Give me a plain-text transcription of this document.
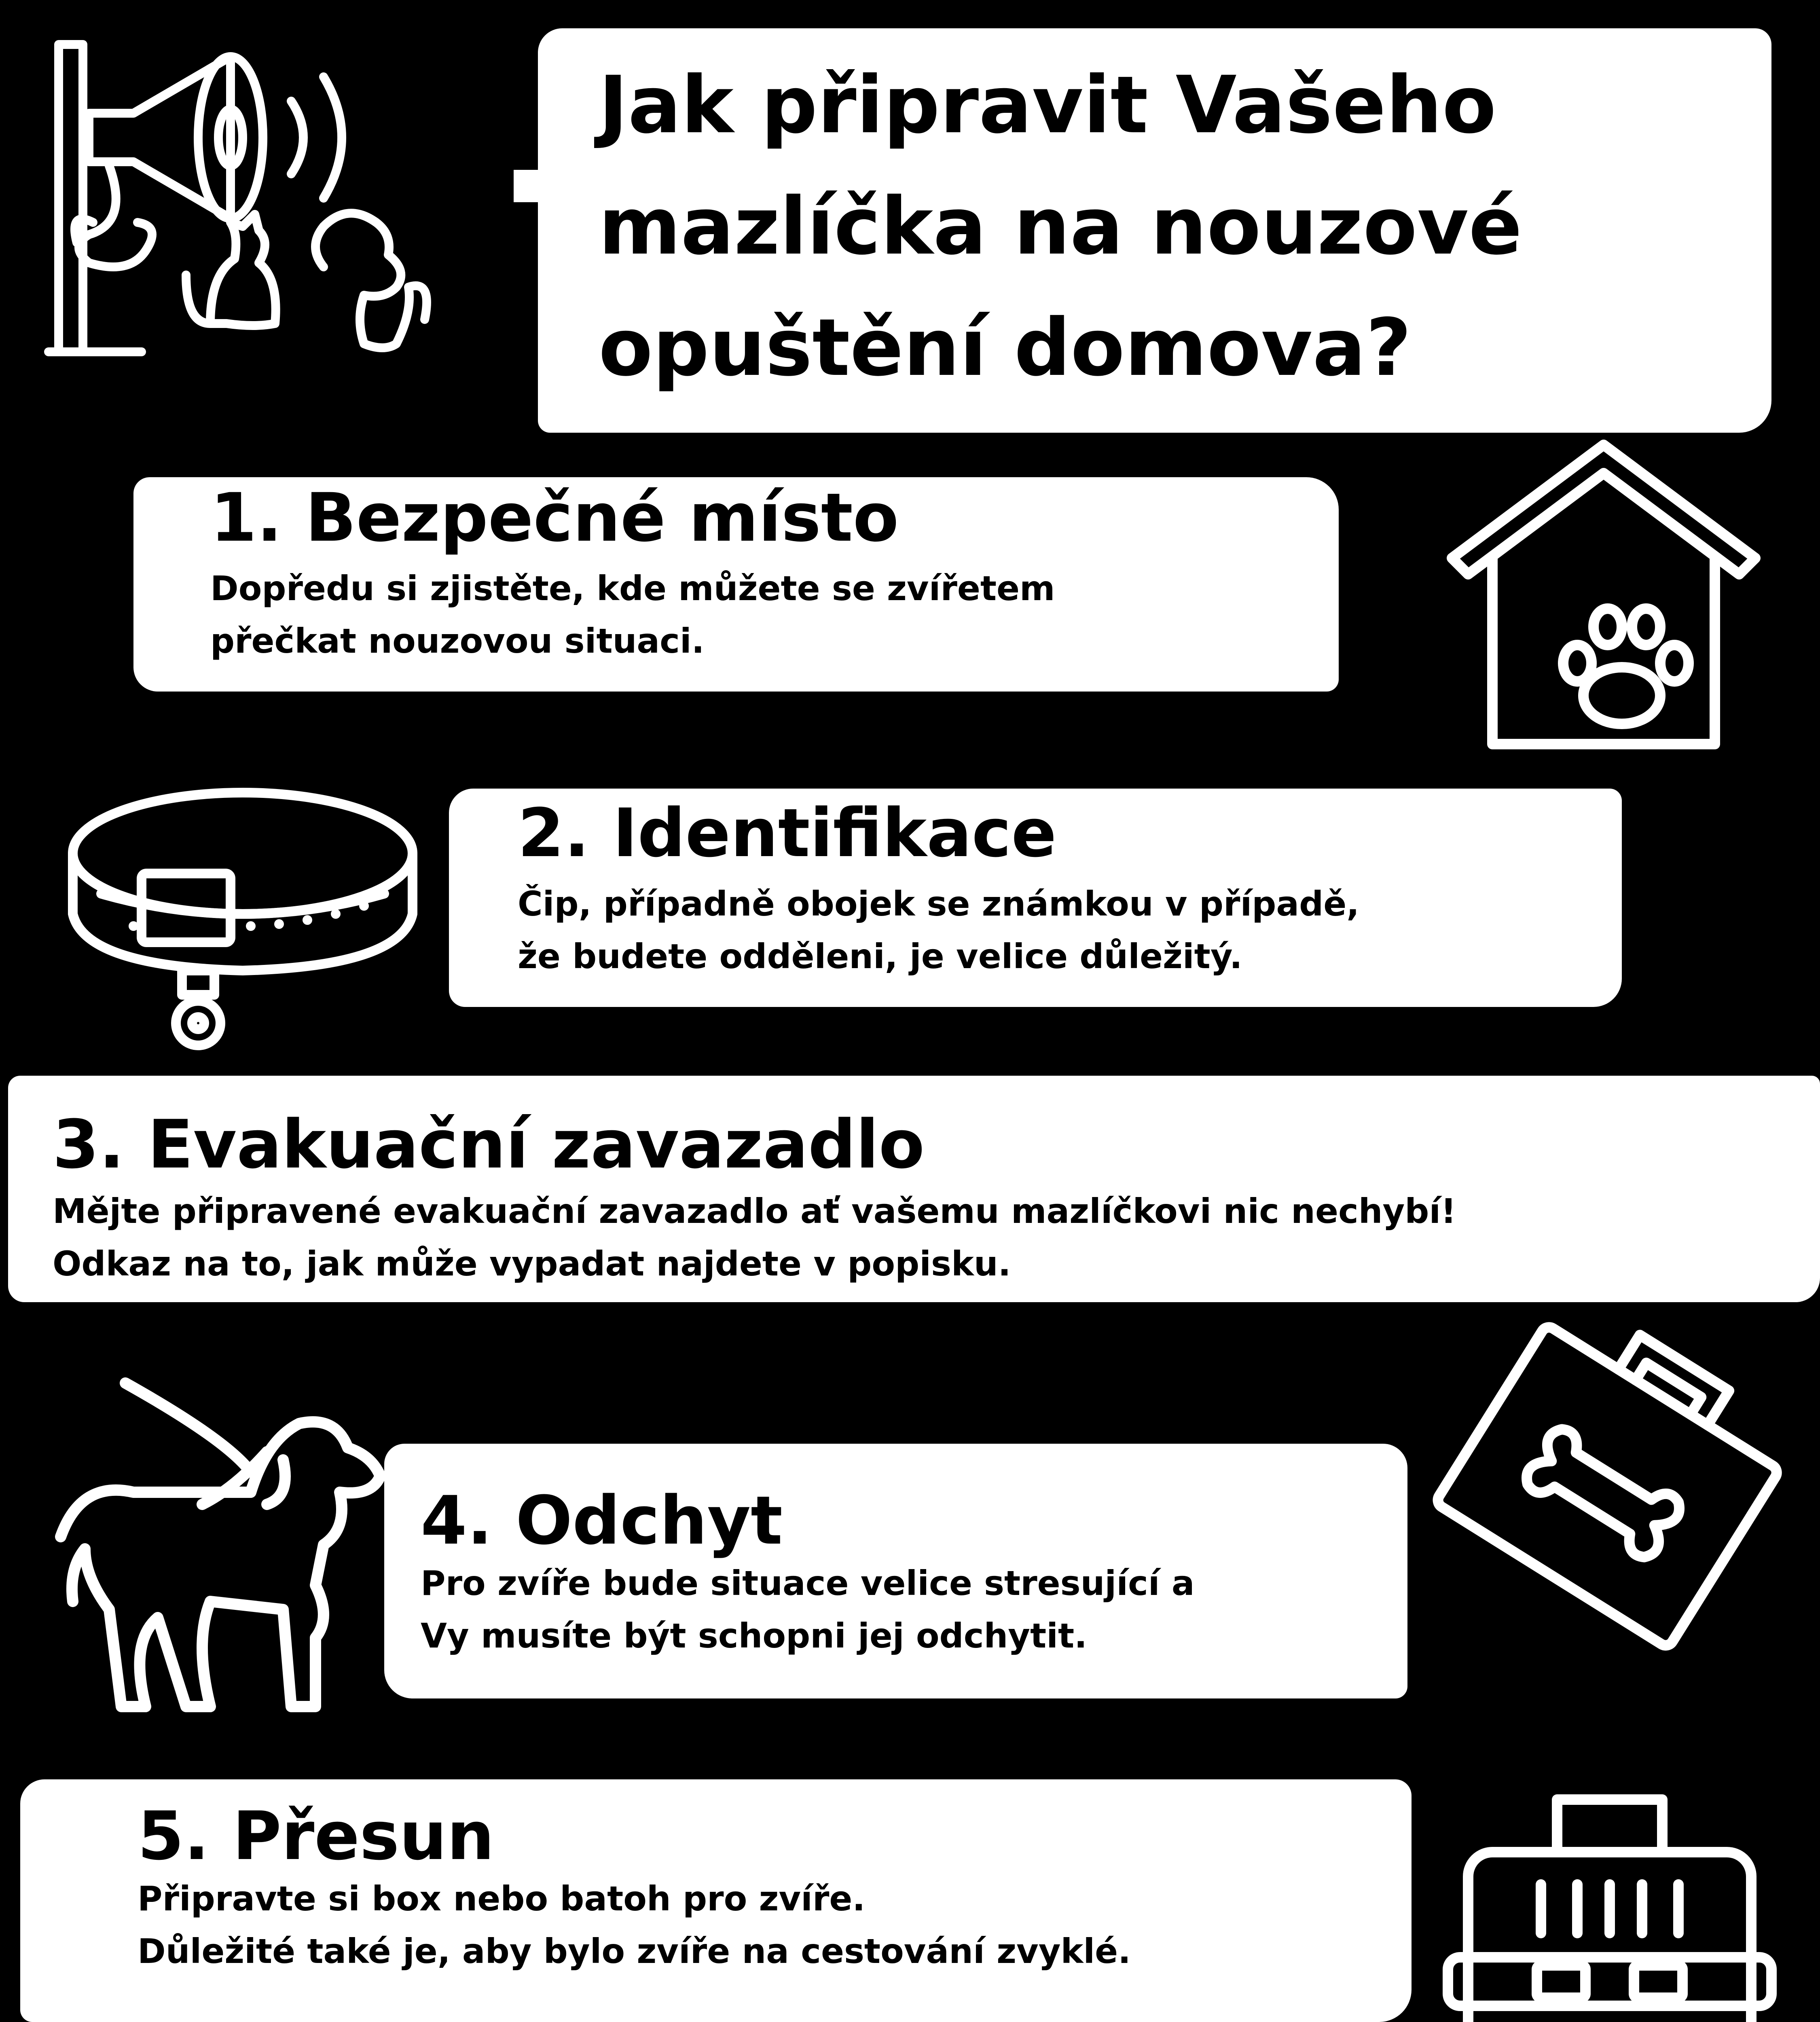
Jak připravit Vašeho
mazlíčka na nouzové
opuštění domova?
1. Bezpečné místo
Dopředu si zjistěte, kde můžete se zvířetem
přečkat nouzovou situaci.
2. Identifikace
Čip, případně obojek se známkou v případě,
že budete odděleni, je velice důležitý.
3. Evakuační zavazadlo
Mějte připravené evakuační zavazadlo ať vašemu mazlíčkovi nic nechybí!
Odkaz na to, jak může vypadat najdete v popisku.
4. Odchyt
Pro zvíře bude situace velice stresující a
Vy musíte být schopni jej odchytit.
5. Přesun
Připravte si box nebo batoh pro zvíře.
Důležité také je, aby bylo zvíře na cestování zvyklé.
